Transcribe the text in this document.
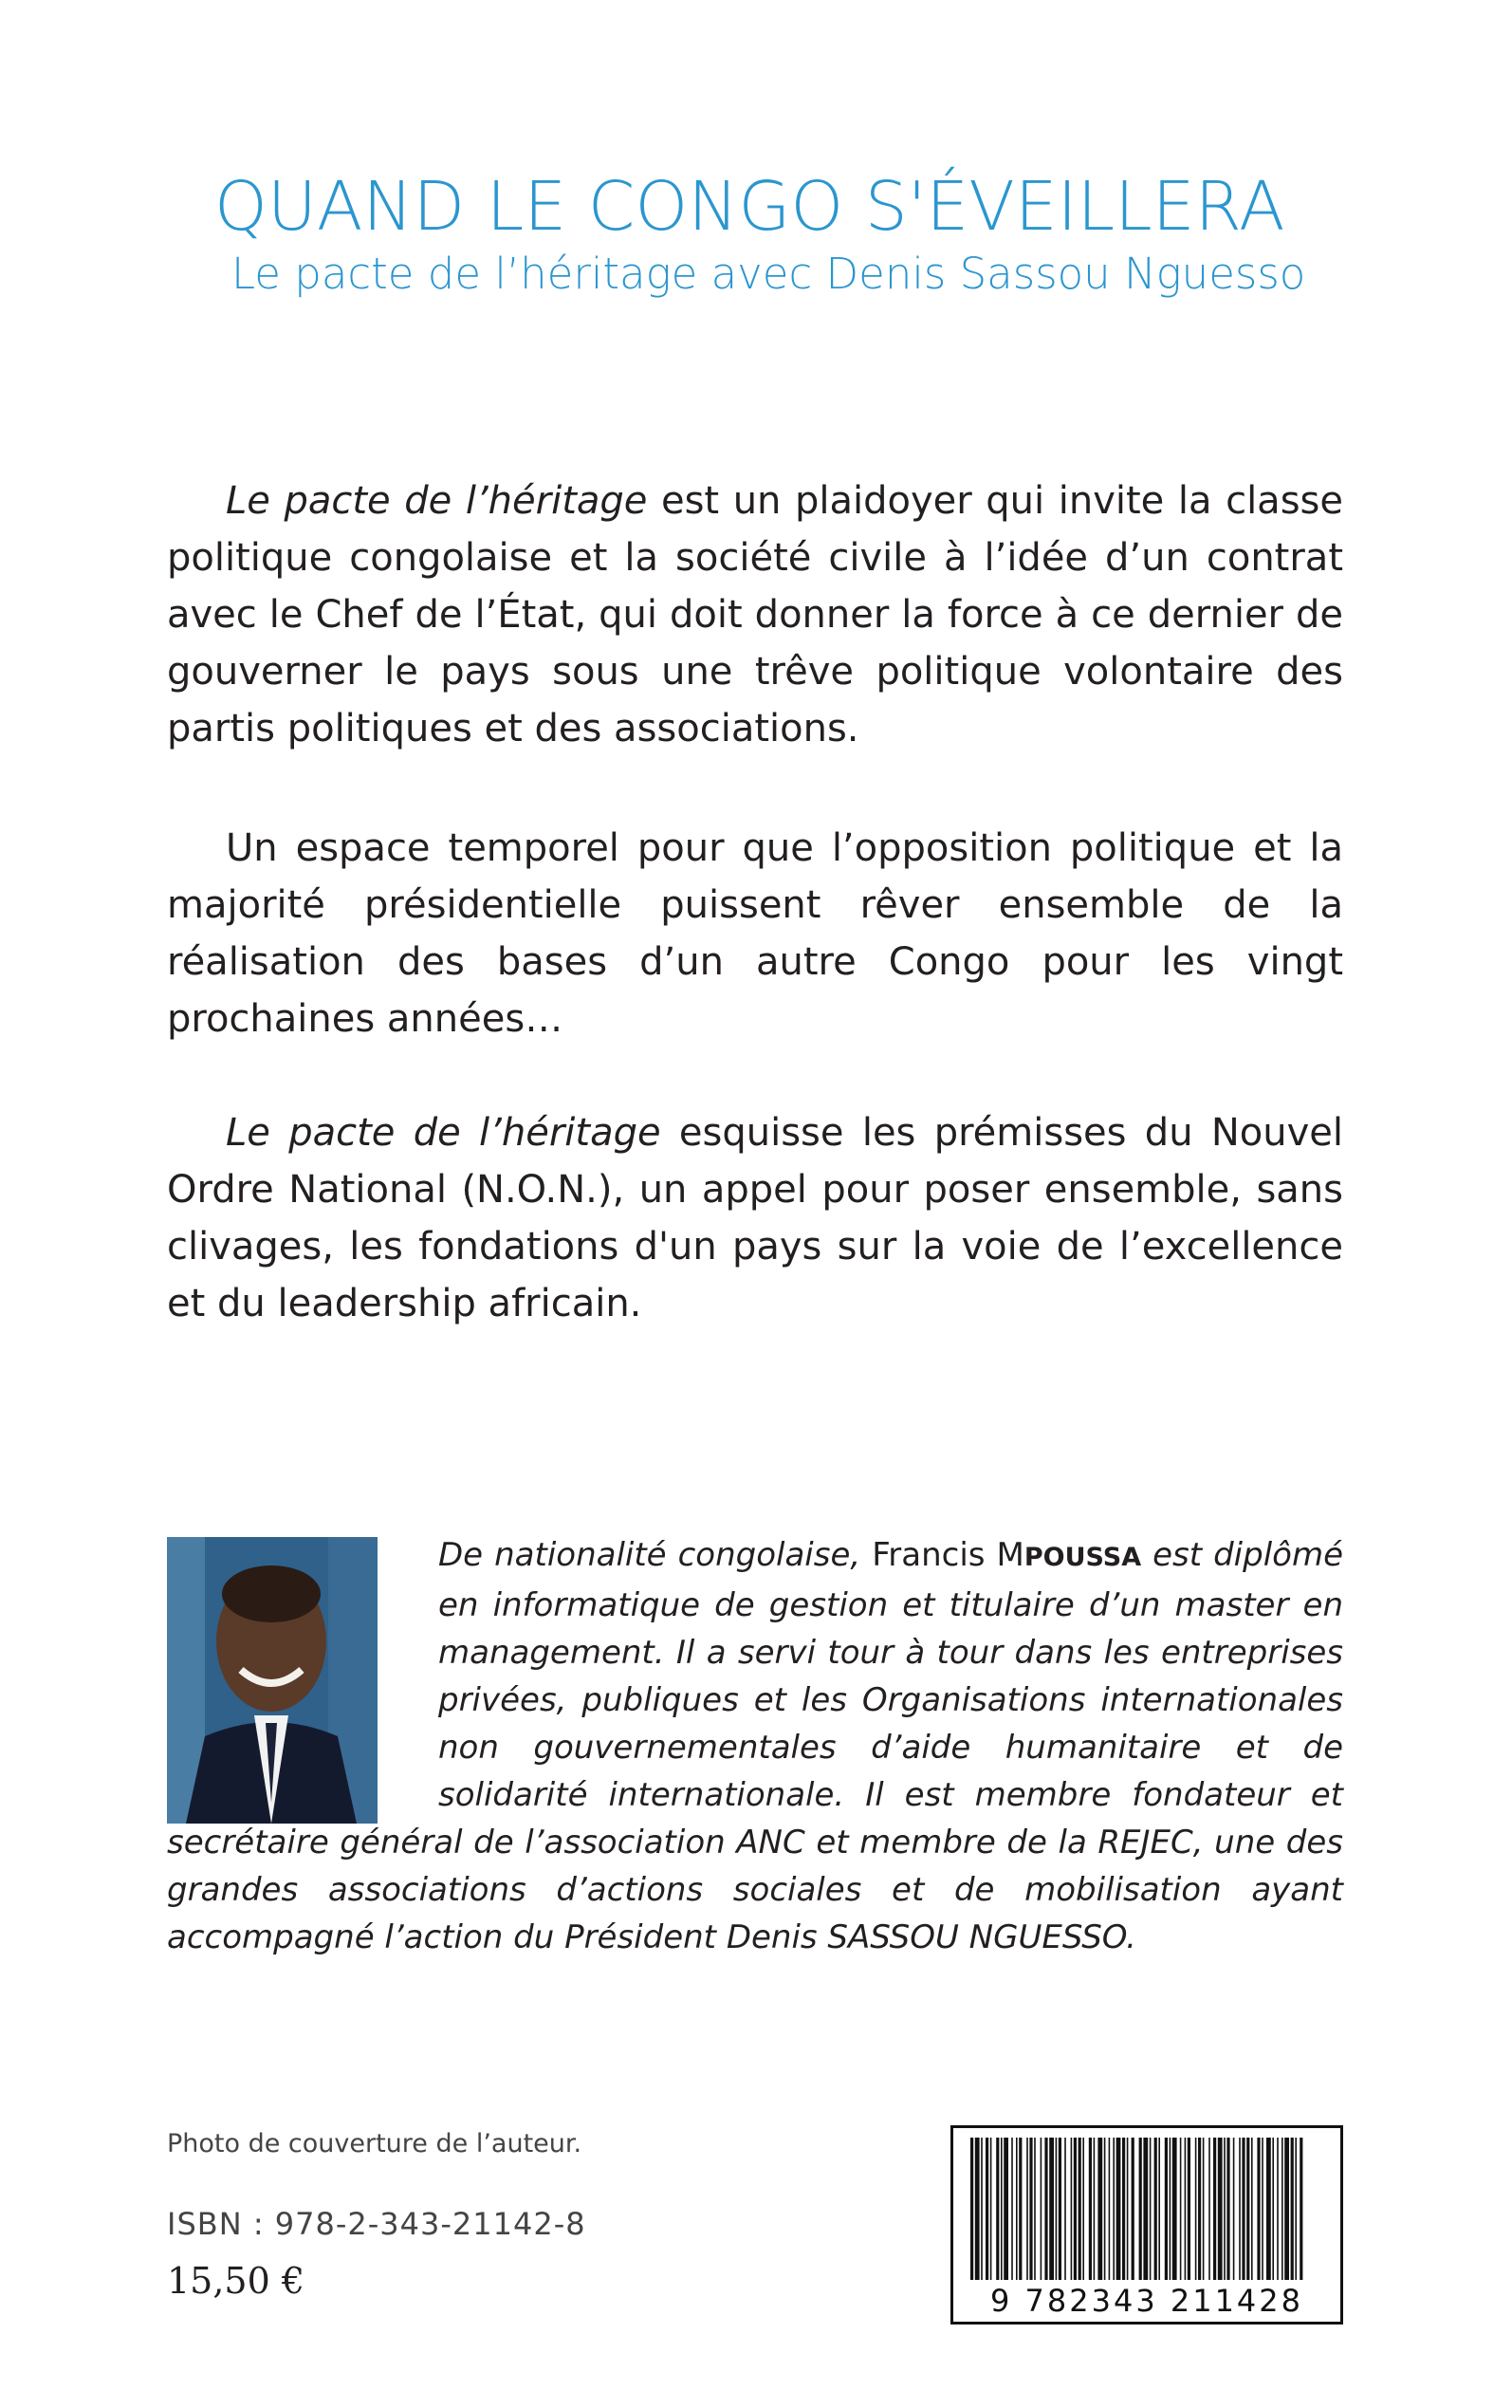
QUAND LE CONGO S'ÉVEILLERA
Le pacte de l’héritage avec Denis Sassou Nguesso
Le pacte de l’héritage est un plaidoyer qui invite la classe politique congolaise et la société civile à l’idée d’un contrat avec le Chef de l’État, qui doit donner la force à ce dernier de gouverner le pays sous une trêve politique volontaire des partis politiques et des associations.
Un espace temporel pour que l’opposition politique et la majorité présidentielle puissent rêver ensemble de la réalisation des bases d’un autre Congo pour les vingt prochaines années…
Le pacte de l’héritage esquisse les prémisses du Nouvel Ordre National (N.O.N.), un appel pour poser ensemble, sans clivages, les fondations d'un pays sur la voie de l’excellence et du leadership africain.
De nationalité congolaise, Francis MPOUSSA est diplômé en informatique de gestion et titulaire d’un master en management. Il a servi tour à tour dans les entreprises privées, publiques et les Organisations internationales non gouvernementales d’aide humanitaire et de solidarité internationale. Il est membre fondateur et secrétaire général de l’association ANC et membre de la REJEC, une des grandes associations d’actions sociales et de mobilisation ayant accompagné l’action du Président Denis SASSOU NGUESSO.
Photo de couverture de l’auteur.
ISBN : 978-2-343-21142-8
15,50 €	9 782343 211428
